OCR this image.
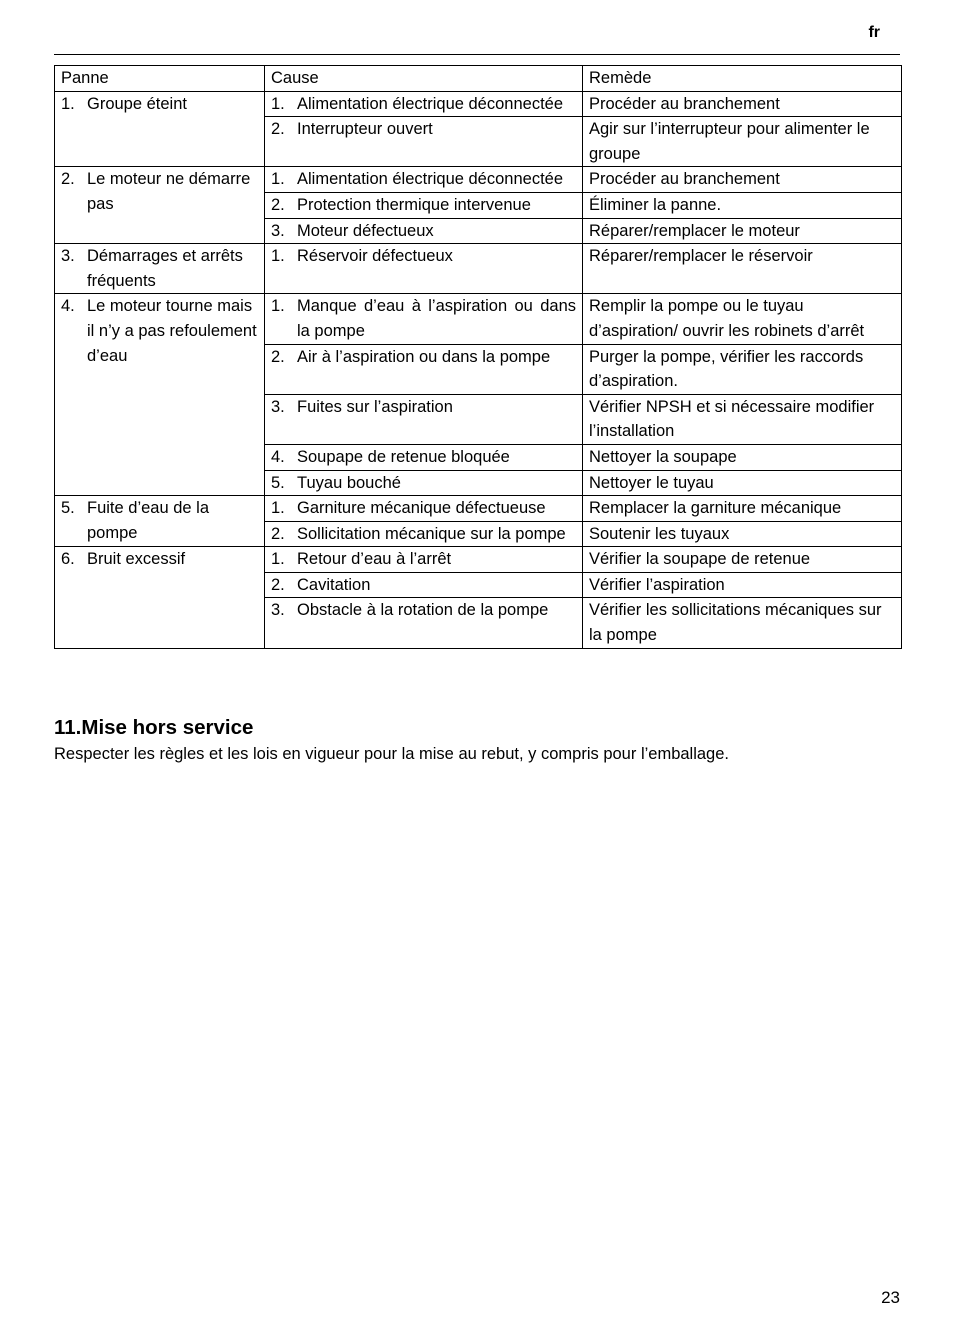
fr
Panne	Cause	Remède

1. Groupe éteint	1. Alimentation électrique déconnectée	Procéder au branchement

	2. Interrupteur ouvert	Agir sur l’interrupteur pour alimenter le groupe

2. Le moteur ne démarre pas	1. Alimentation électrique déconnectée	Procéder au branchement

	2. Protection thermique intervenue	Éliminer la panne.

	3. Moteur défectueux	Réparer/remplacer le moteur

3. Démarrages et arrêts fréquents	1. Réservoir défectueux	Réparer/remplacer le réservoir

4. Le moteur tourne mais il n’y a pas refoulement d’eau	1. Manque d’eau à l’aspiration ou dans la pompe	Remplir la pompe ou le tuyau d’aspiration/ ouvrir les robinets d’arrêt

	2. Air à l’aspiration ou dans la pompe	Purger la pompe, vérifier les raccords d’aspiration.

	3. Fuites sur l’aspiration	Vérifier NPSH et si nécessaire modifier l’installation

	4. Soupape de retenue bloquée	Nettoyer la soupape

	5. Tuyau bouché	Nettoyer le tuyau

5. Fuite d’eau de la pompe	1. Garniture mécanique défectueuse	Remplacer la garniture mécanique

	2. Sollicitation mécanique sur la pompe	Soutenir les tuyaux

6. Bruit excessif	1. Retour d’eau à l’arrêt	Vérifier la soupape de retenue

	2. Cavitation	Vérifier l’aspiration

	3. Obstacle à la rotation de la pompe	Vérifier les sollicitations mécaniques sur la pompe
11.Mise hors service
Respecter les règles et les lois en vigueur pour la mise au rebut, y compris pour l’emballage.
23
